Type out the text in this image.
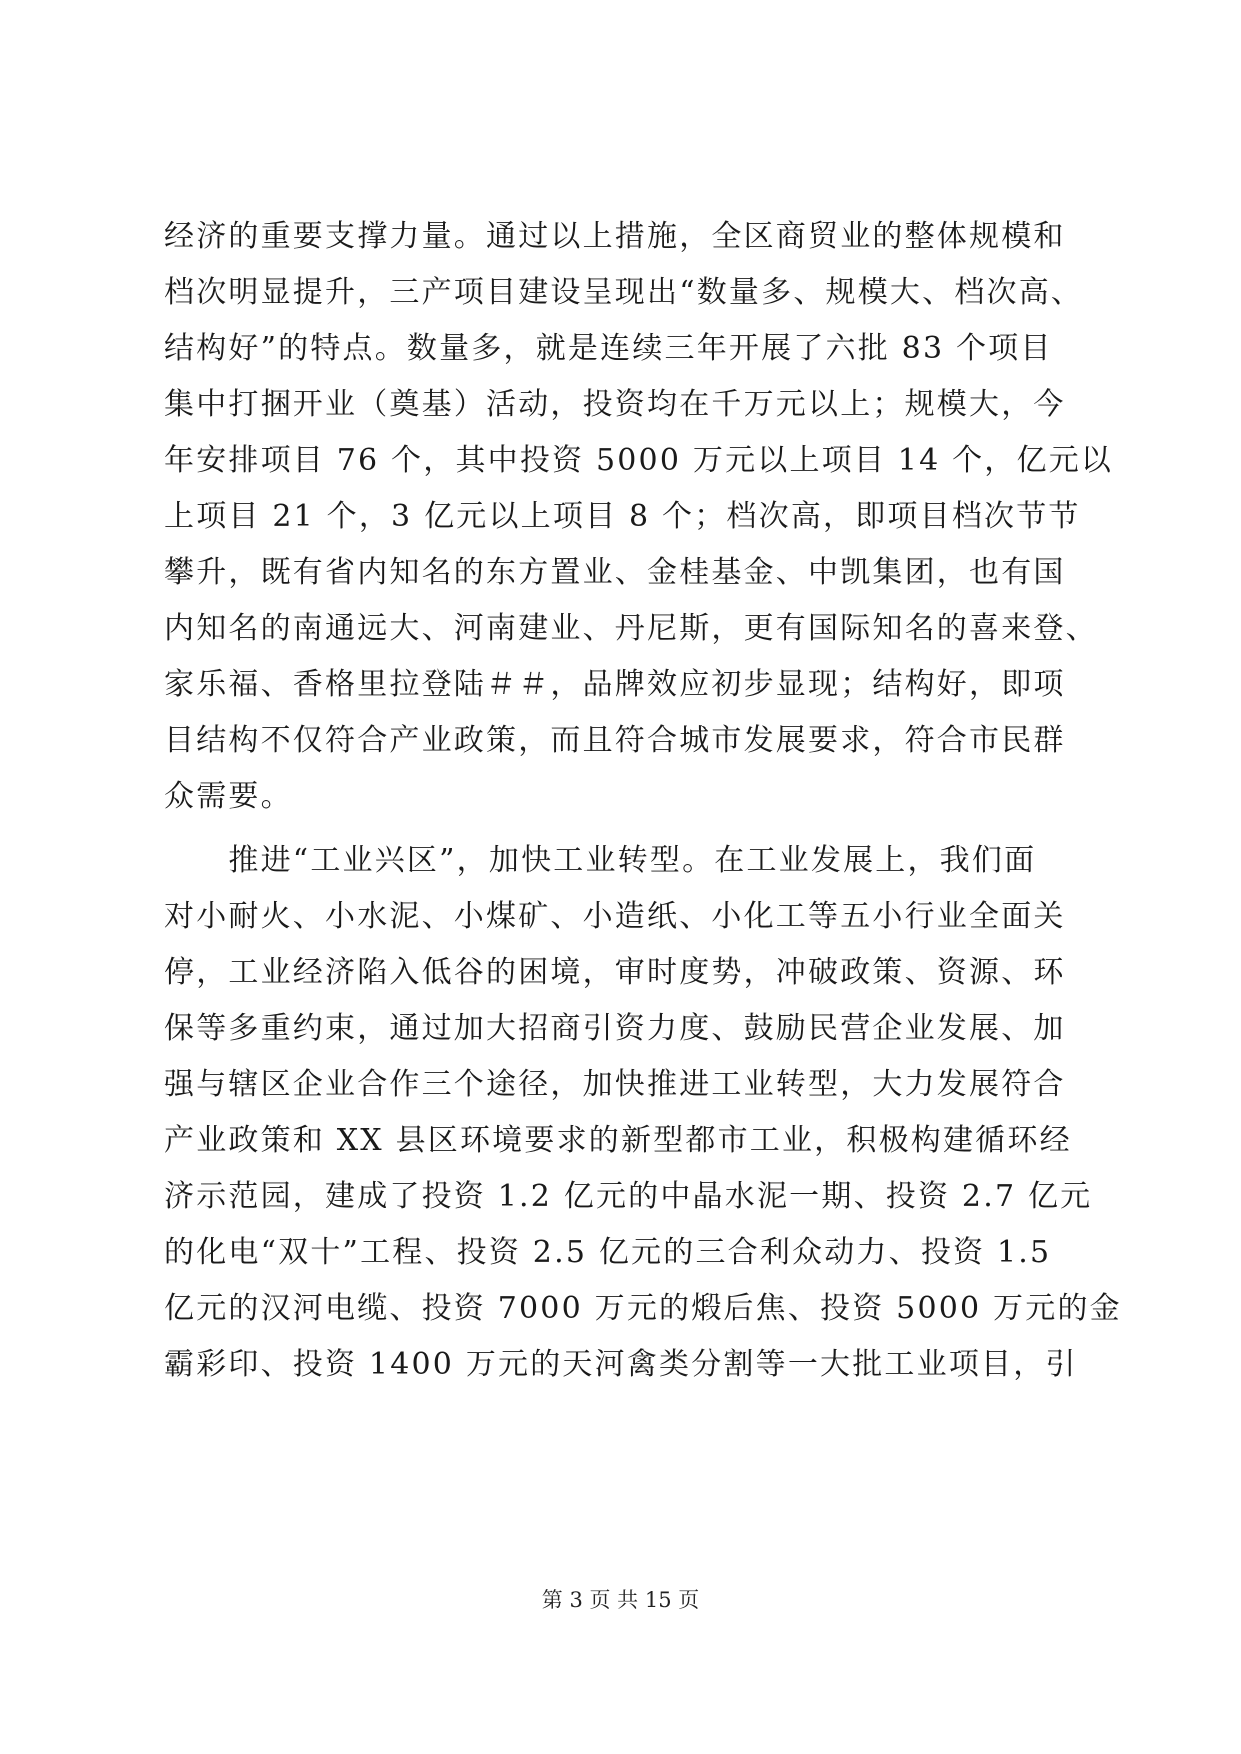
经济的重要支撑力量。通过以上措施，全区商贸业的整体规模和
档次明显提升，三产项目建设呈现出“数量多、规模大、档次高、
结构好”的特点。数量多，就是连续三年开展了六批 83 个项目
集中打捆开业（奠基）活动，投资均在千万元以上；规模大，今
年安排项目 76 个，其中投资 5000 万元以上项目 14 个，亿元以
上项目 21 个，3 亿元以上项目 8 个；档次高，即项目档次节节
攀升，既有省内知名的东方置业、金桂基金、中凯集团，也有国
内知名的南通远大、河南建业、丹尼斯，更有国际知名的喜来登、
家乐福、香格里拉登陆＃＃，品牌效应初步显现；结构好，即项
目结构不仅符合产业政策，而且符合城市发展要求，符合市民群
众需要。
　　推进“工业兴区”，加快工业转型。在工业发展上，我们面
对小耐火、小水泥、小煤矿、小造纸、小化工等五小行业全面关
停，工业经济陷入低谷的困境，审时度势，冲破政策、资源、环
保等多重约束，通过加大招商引资力度、鼓励民营企业发展、加
强与辖区企业合作三个途径，加快推进工业转型，大力发展符合
产业政策和 XX 县区环境要求的新型都市工业，积极构建循环经
济示范园，建成了投资 1.2 亿元的中晶水泥一期、投资 2.7 亿元
的化电“双十”工程、投资 2.5 亿元的三合利众动力、投资 1.5
亿元的汉河电缆、投资 7000 万元的煅后焦、投资 5000 万元的金
霸彩印、投资 1400 万元的天河禽类分割等一大批工业项目，引
第 3 页 共 15 页
